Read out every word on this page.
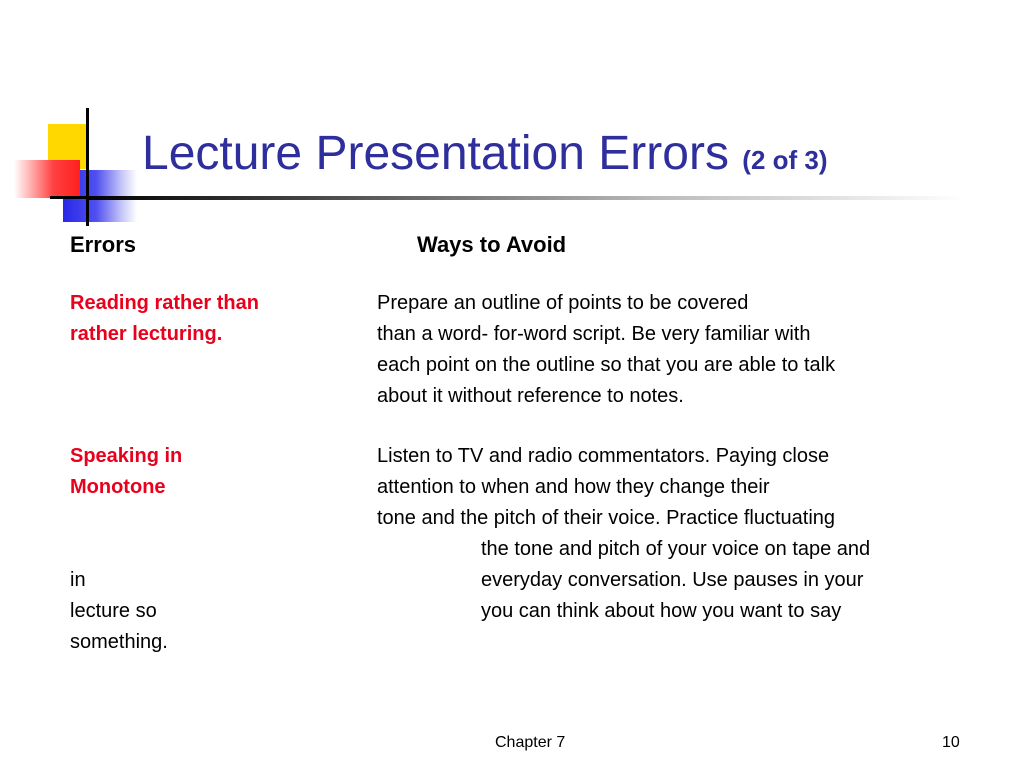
Lecture Presentation Errors (2 of 3)
Errors	Ways to Avoid
Reading rather than
rather lecturing.
Prepare an outline of points to be covered
than a word- for-word script. Be very familiar with
each point on the outline so that you are able to talk
about it without reference to notes.
Speaking in
Monotone
Listen to TV and radio commentators. Paying close
attention to when and how they change their
tone and the pitch of their voice. Practice fluctuating
the tone and pitch of your voice on tape and
everyday conversation. Use pauses in your
you can think about how you want to say
in
lecture so
something.
Chapter 7	10
